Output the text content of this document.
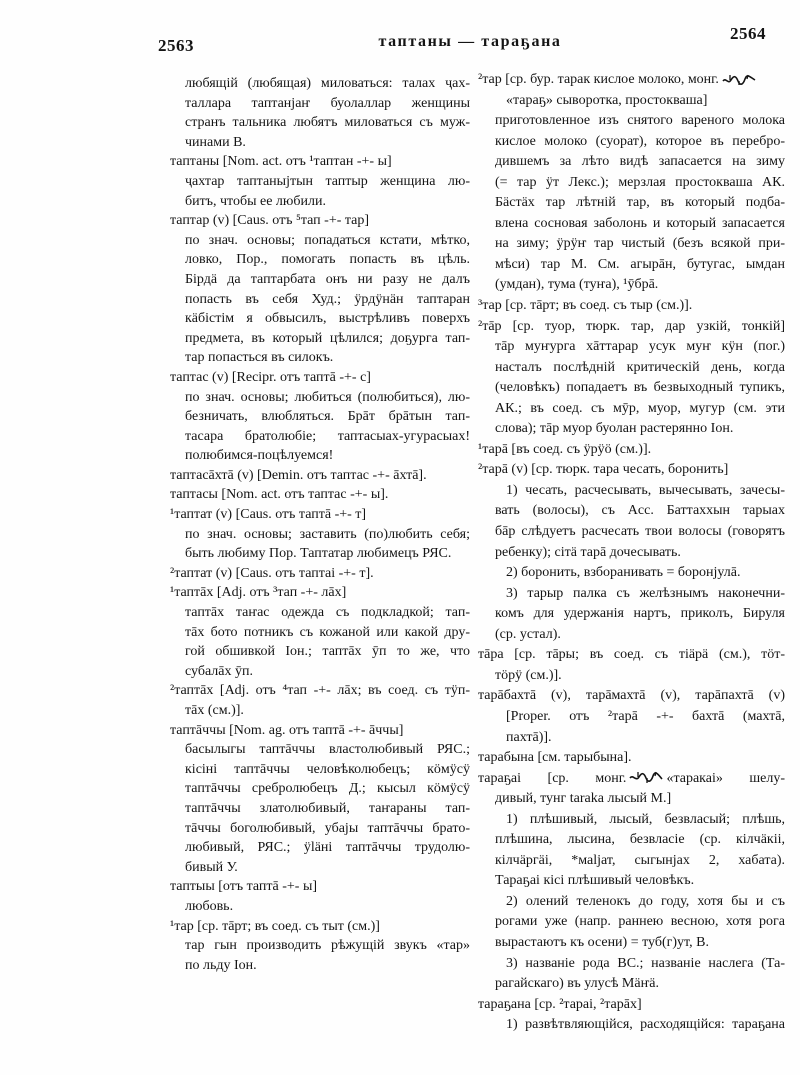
2563	таптаны — тараҕана	2564
любящій (любящая) миловаться: талах ҷах-
таллара таптанјаҥ буолаллар женщины
странъ тальника любятъ миловаться съ муж-
чинами В.
таптаны [Nom. act. отъ ¹таптан -+- ы]
ҷахтар таптаныјтын таптыр женщина лю-
битъ, чтобы ее любили.
таптар (v) [Caus. отъ ⁵тап -+- тар]
по знач. основы; попадаться кстати, мѣтко,
ловко, Пор., помогать попасть въ цѣль.
Бірдä да таптарбата онъ ни разу не далъ
попасть въ себя Худ.; ӱрдӱнäн таптаран
кäбістім я обвысилъ, выстрѣливъ поверхъ
предмета, въ который цѣлился; доҕурга тап-
тар попасться въ силокъ.
таптас (v) [Recipr. отъ таптā -+- с]
по знач. основы; любиться (полюбиться), лю-
безничать, влюбляться. Брāт брāтын тап-
тасара братолюбіе; таптасыах-угурасыах!
полюбимся-поцѣлуемся!
таптасāхтā (v) [Demin. отъ таптас -+- āхтā].
таптасы [Nom. act. отъ таптас -+- ы].
¹таптат (v) [Caus. отъ таптā -+- т]
по знач. основы; заставить (по)любить себя;
быть любиму Пор. Таптатар любимецъ РЯС.
²таптат (v) [Caus. отъ таптаі -+- т].
¹таптāх [Adj. отъ ³тап -+- лāх]
таптāх таҥас одежда съ подкладкой; тап-
тāх бото потникъ съ кожаной или какой дру-
гой обшивкой Іон.; таптāх ӯп то же, что
субалāх ӯп.
²таптāх [Adj. отъ ⁴тап -+- лāх; въ соед. съ тӱп-
тāх (см.)].
таптāччы [Nom. ag. отъ таптā -+- āччы]
басылыгы таптāччы властолюбивый РЯС.;
кісіні таптāччы человѣколюбецъ; кöмӱсӱ
таптāччы сребролюбецъ Д.; кысыл кöмӱсӱ
таптāччы златолюбивый, таҥараны тап-
тāччы боголюбивый, убајы таптāччы брато-
любивый, РЯС.; ӱläні таптāччы трудолю-
бивый У.
таптыы [отъ таптā -+- ы]
любовь.
¹тар [ср. тāрт; въ соед. съ тыт (см.)]
тар гын производить рѣжущій звукъ «тар»
по льду Іон.
²тар [ср. бур. тарак кислое молоко, монг.
«тараҕ» сыворотка, простокваша]
приготовленное изъ снятого вареного молока
кислое молоко (суорат), которое въ перебро-
дившемъ за лѣто видѣ запасается на зиму
(= тар ӱт Лекс.); мерзлая простокваша АК.
Бäстäх тар лѣтній тар, въ который подба-
влена сосновая заболонь и который запасается
на зиму; ӱрӱҥ тар чистый (безъ всякой при-
мѣси) тар М. См. агырāн, бутугас, ымдан
(умдан), тума (туҥа), ¹ӯбрā.
³тар [ср. тāрт; въ соед. съ тыр (см.)].
²тāр [ср. туор, тюрк. тар, дар узкій, тонкій]
тāр муҥурга хāттарар усук муҥ кӱн (пог.)
насталъ послѣдній критическій день, когда
(человѣкъ) попадаетъ въ безвыходный тупикъ,
АК.; въ соед. съ мӯр, муор, мугур (см. эти
слова); тāр муор буолан растерянно Іон.
¹тарā [въ соед. съ ӱрӱö (см.)].
²тарā (v) [ср. тюрк. тара чесать, боронить]
1) чесать, расчесывать, вычесывать, зачесы-
вать (волосы), съ Acc. Баттаххын тарыах
бāр слѣдуетъ расчесать твои волосы (говорятъ
ребенку); сітä тарā дочесывать.
2) боронить, взборанивать = боронјулā.
3) тарыр палка съ желѣзнымъ наконечни-
комъ для удержанія нартъ, приколъ, Бируля
(ср. устал).
тāра [ср. тāры; въ соед. съ тіäрä (см.), тöт-
тöрӱ (см.)].
тарāбахтā (v), тарāмахтā (v), тарāпахтā (v)
[Proper. отъ ²тарā -+- бахтā (махтā,
пахтā)].
тарабына [см. тарыбына].
тараҕаі [ср. монг.	«таракаі» шелу-
дивый, тунг taraka лысый М.]
1) плѣшивый, лысый, безвласый; плѣшь,
плѣшина, лысина, безвласіе (ср. кілчäкіі,
кілчäргäі, *маljат, сыгынјах 2, хабата).
Тараҕаі кісі плѣшивый человѣкъ.
2) олений теленокъ до году, хотя бы и съ
рогами уже (напр. раннею весною, хотя рога
вырастаютъ къ осени) = туб(г)ут, В.
3) названіе рода ВС.; названіе наслега (Та-
рагайскаго) въ улусѣ Мäҥä.
тараҕана [ср. ²тараі, ²тарāх]
1) развѣтвляющійся, расходящійся: тараҕана
